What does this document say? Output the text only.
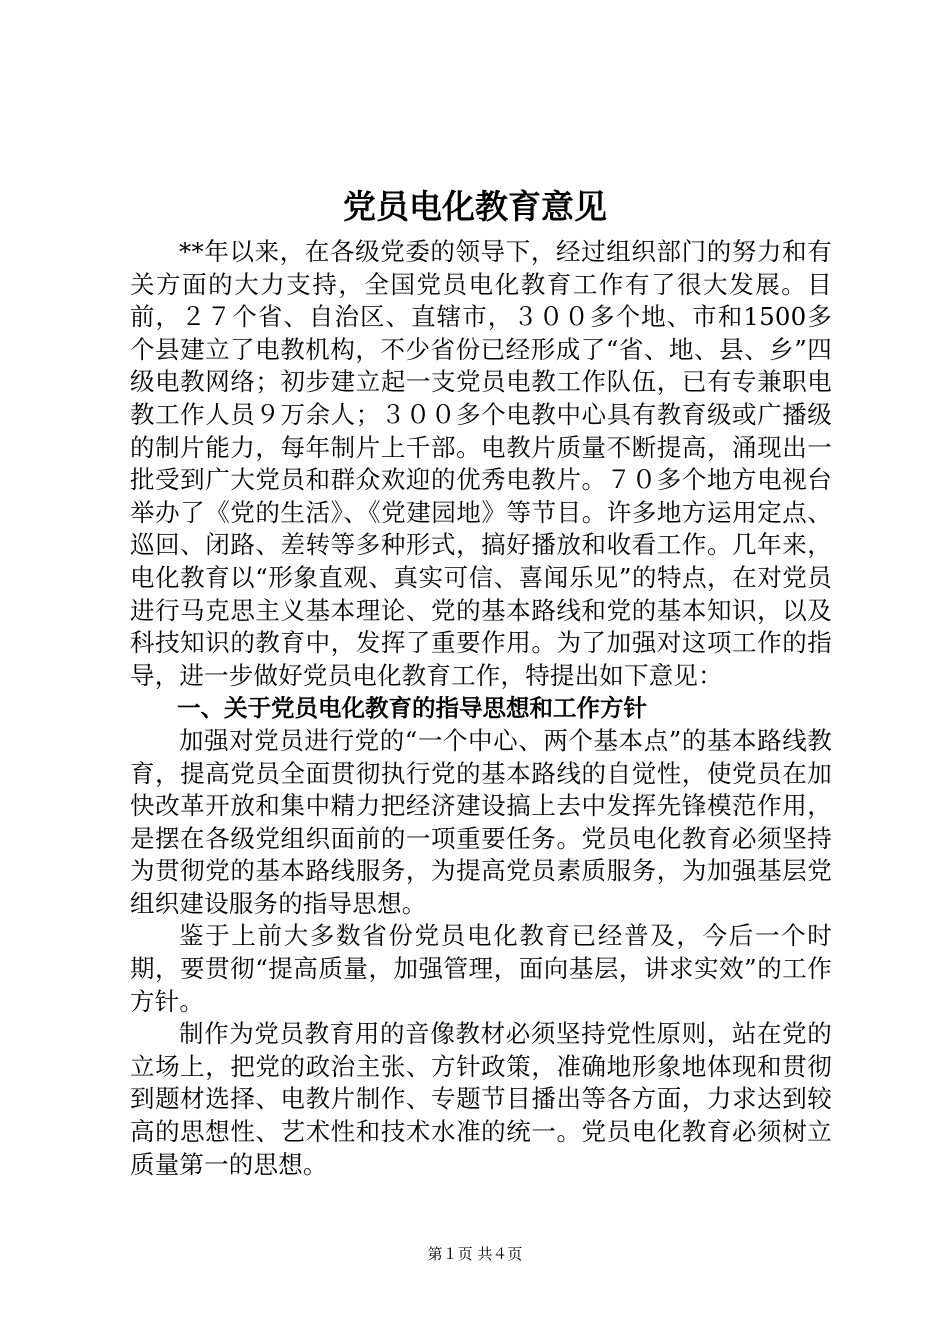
党员电化教育意见

**年以来，在各级党委的领导下，经过组织部门的努力和有关方面的大力支持，全国党员电化教育工作有了很大发展。目前，２７个省、自治区、直辖市，３００多个地、市和1500多个县建立了电教机构，不少省份已经形成了“省、地、县、乡”四级电教网络；初步建立起一支党员电教工作队伍，已有专兼职电教工作人员９万余人；３００多个电教中心具有教育级或广播级的制片能力，每年制片上千部。电教片质量不断提高，涌现出一批受到广大党员和群众欢迎的优秀电教片。７０多个地方电视台举办了《党的生活》、《党建园地》等节目。许多地方运用定点、巡回、闭路、差转等多种形式，搞好播放和收看工作。几年来，电化教育以“形象直观、真实可信、喜闻乐见”的特点，在对党员进行马克思主义基本理论、党的基本路线和党的基本知识，以及科技知识的教育中，发挥了重要作用。为了加强对这项工作的指导，进一步做好党员电化教育工作，特提出如下意见：

一、关于党员电化教育的指导思想和工作方针

加强对党员进行党的“一个中心、两个基本点”的基本路线教育，提高党员全面贯彻执行党的基本路线的自觉性，使党员在加快改革开放和集中精力把经济建设搞上去中发挥先锋模范作用，是摆在各级党组织面前的一项重要任务。党员电化教育必须坚持为贯彻党的基本路线服务，为提高党员素质服务，为加强基层党组织建设服务的指导思想。

鉴于上前大多数省份党员电化教育已经普及，今后一个时期，要贯彻“提高质量，加强管理，面向基层，讲求实效”的工作方针。

制作为党员教育用的音像教材必须坚持党性原则，站在党的立场上，把党的政治主张、方针政策，准确地形象地体现和贯彻到题材选择、电教片制作、专题节目播出等各方面，力求达到较高的思想性、艺术性和技术水准的统一。党员电化教育必须树立质量第一的思想。

第１页 共４页
